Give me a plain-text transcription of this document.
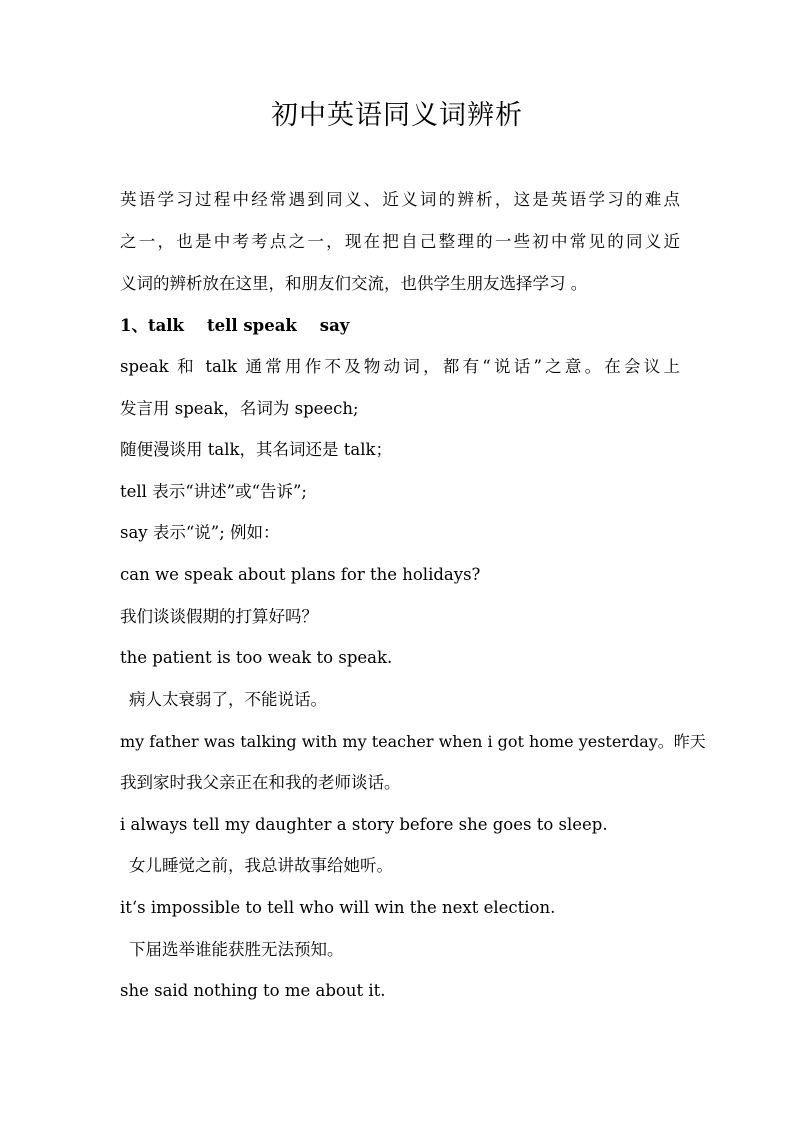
初中英语同义词辨析
英语学习过程中经常遇到同义、近义词的辨析，这是英语学习的难点
之一，也是中考考点之一，现在把自己整理的一些初中常见的同义近
义词的辨析放在这里，和朋友们交流，也供学生朋友选择学习 。
1、talk    tell speak    say
speak 和 talk 通常用作不及物动词，都有“说话”之意。在会议上
发言用 speak，名词为 speech;
随便漫谈用 talk，其名词还是 talk；
tell 表示“讲述”或“告诉”;
say 表示“说”; 例如：
can we speak about plans for the holidays?
我们谈谈假期的打算好吗？
the patient is too weak to speak.
病人太衰弱了，不能说话。
my father was talking with my teacher when i got home yesterday。昨天
我到家时我父亲正在和我的老师谈话。
i always tell my daughter a story before she goes to sleep.
女儿睡觉之前，我总讲故事给她听。
it‘s impossible to tell who will win the next election.
下届选举谁能获胜无法预知。
she said nothing to me about it.
